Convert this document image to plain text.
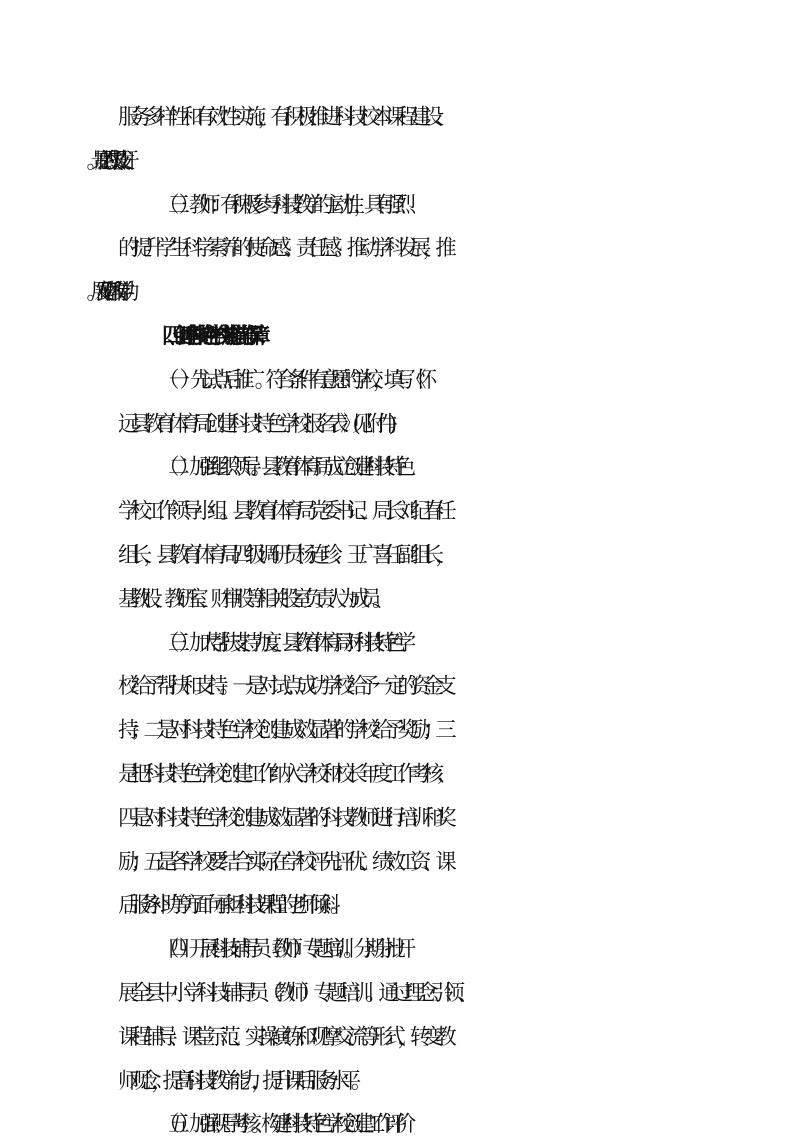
服务多样性和有效性实施，有积极推进科技校本课程建设、
（三）教师：有积极参与科技教学的主动性，具有强烈
的提升学生科学素养的使命感、责任感。推动学科发展，推
四、创建科技特色学校实施措施与保障
（一）先试点后推广。符合条件有意愿的学校，填写《怀
远县教育体育局创建科技特色学校报名表》(见附件)。
（二）加强组织领导。县教育体育局成立创建科技特色
学校工作领导小组。县教育体育局党委书记、局长刘纪春任
组长，县教育体育局四级调研员杨连珍、王广喜任副组长，
基教股、教研室、财审股等相关股室负责人为成员。
（三）加大帮扶支持力度。县教育体育局对科技特色学
校给予帮扶和支持。一是对试点成功学校给予一定的资金支
持；二是对科技特色学校创建成效显著的学校给予奖励；三
是把科技特色学校创建工作纳入学校和校长年度工作考核；
四是对科技特色学校创建成效显著的科技教师进行培训和奖
励；五是各学校要结合实际在学校评先评优、绩效工资、课
后服务补助等方面向承担科技课程的老师倾斜。
（四）开展科技辅导员（教师）专题培训。分期分批开
展全县中小学科技辅导员（教师）专题培训。通过理念引领、
课程辅导、课堂示范、实操演练和观摩交流等形式，转变教
师观念，提高科技教学能力，提升课后服务水平。
（五）加强视导考核。构建科技特色学校创建工作评价
